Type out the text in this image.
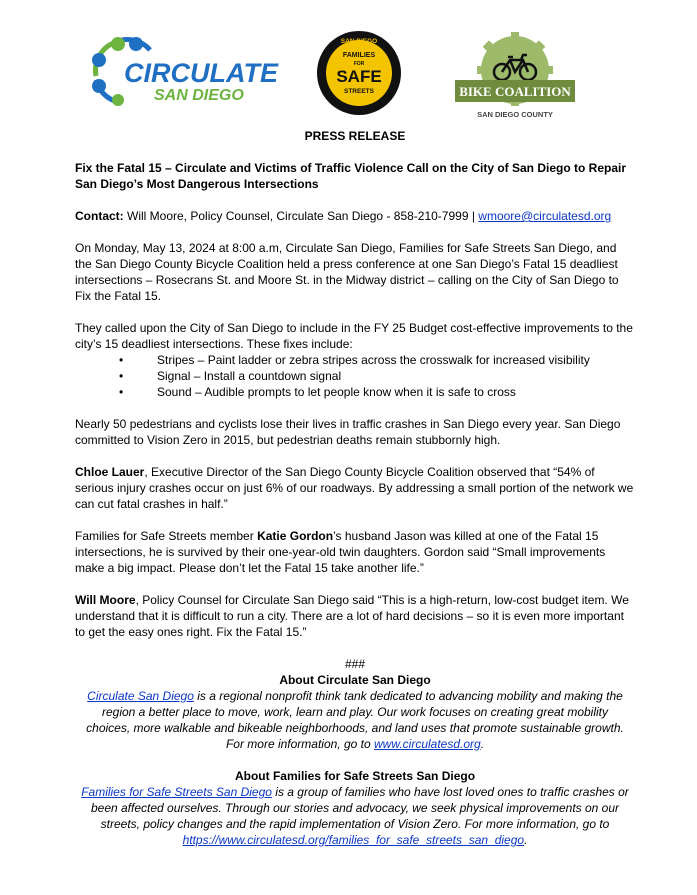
CIRCULATE
SAN DIEGO
SAN DIEGO
FAMILIES
FOR
SAFE
STREETS	BIKE COALITION
SAN DIEGO COUNTY

PRESS RELEASE

Fix the Fatal 15 – Circulate and Victims of Traffic Violence Call on the City of San Diego to Repair San Diego’s Most Dangerous Intersections

Contact: Will Moore, Policy Counsel, Circulate San Diego - 858-210-7999 | wmoore@circulatesd.org

On Monday, May 13, 2024 at 8:00 a.m, Circulate San Diego, Families for Safe Streets San Diego, and the San Diego County Bicycle Coalition held a press conference at one San Diego’s Fatal 15 deadliest intersections – Rosecrans St. and Moore St. in the Midway district – calling on the City of San Diego to Fix the Fatal 15.

They called upon the City of San Diego to include in the FY 25 Budget cost-effective improvements to the city’s 15 deadliest intersections. These fixes include:

•	Stripes – Paint ladder or zebra stripes across the crosswalk for increased visibility
•	Signal – Install a countdown signal
•	Sound – Audible prompts to let people know when it is safe to cross

Nearly 50 pedestrians and cyclists lose their lives in traffic crashes in San Diego every year. San Diego committed to Vision Zero in 2015, but pedestrian deaths remain stubbornly high.

Chloe Lauer, Executive Director of the San Diego County Bicycle Coalition observed that “54% of serious injury crashes occur on just 6% of our roadways. By addressing a small portion of the network we can cut fatal crashes in half.”

Families for Safe Streets member Katie Gordon’s husband Jason was killed at one of the Fatal 15 intersections, he is survived by their one-year-old twin daughters. Gordon said “Small improvements make a big impact. Please don’t let the Fatal 15 take another life.”

Will Moore, Policy Counsel for Circulate San Diego said “This is a high-return, low-cost budget item. We understand that it is difficult to run a city. There are a lot of hard decisions – so it is even more important to get the easy ones right. Fix the Fatal 15.”

###

About Circulate San Diego

Circulate San Diego is a regional nonprofit think tank dedicated to advancing mobility and making the region a better place to move, work, learn and play. Our work focuses on creating great mobility choices, more walkable and bikeable neighborhoods, and land uses that promote sustainable growth. For more information, go to www.circulatesd.org.

About Families for Safe Streets San Diego

Families for Safe Streets San Diego is a group of families who have lost loved ones to traffic crashes or been affected ourselves. Through our stories and advocacy, we seek physical improvements on our streets, policy changes and the rapid implementation of Vision Zero. For more information, go to https://www.circulatesd.org/families_for_safe_streets_san_diego.
